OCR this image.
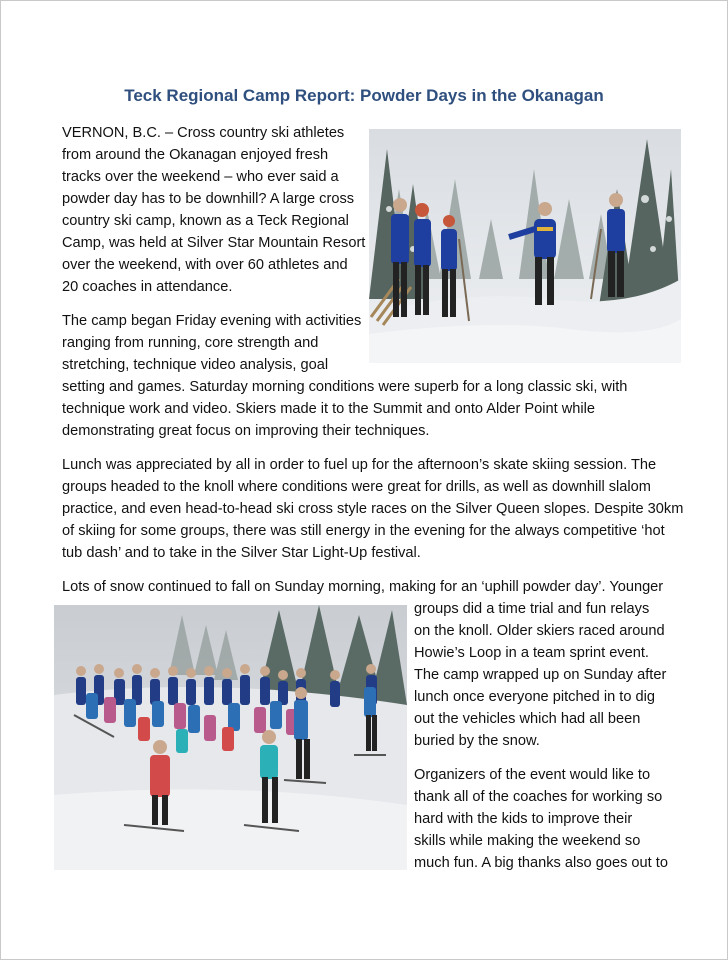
Teck Regional Camp Report: Powder Days in the Okanagan
VERNON, B.C. – Cross country ski athletes
from around the Okanagan enjoyed fresh
tracks over the weekend – who ever said a
powder day has to be downhill? A large cross
country ski camp, known as a Teck Regional
Camp, was held at Silver Star Mountain Resort
over the weekend, with over 60 athletes and
20 coaches in attendance.
The camp began Friday evening with activities
ranging from running, core strength and
stretching, technique video analysis, goal
setting and games. Saturday morning conditions were superb for a long classic ski, with
technique work and video. Skiers made it to the Summit and onto Alder Point while
demonstrating great focus on improving their techniques.
Lunch was appreciated by all in order to fuel up for the afternoon’s skate skiing session. The
groups headed to the knoll where conditions were great for drills, as well as downhill slalom
practice, and even head-to-head ski cross style races on the Silver Queen slopes. Despite 30km
of skiing for some groups, there was still energy in the evening for the always competitive ‘hot
tub dash’ and to take in the Silver Star Light-Up festival.
Lots of snow continued to fall on Sunday morning, making for an ‘uphill powder day’. Younger
groups did a time trial and fun relays
on the knoll. Older skiers raced around
Howie’s Loop in a team sprint event.
The camp wrapped up on Sunday after
lunch once everyone pitched in to dig
out the vehicles which had all been
buried by the snow.
Organizers of the event would like to
thank all of the coaches for working so
hard with the kids to improve their
skills while making the weekend so
much fun. A big thanks also goes out to
